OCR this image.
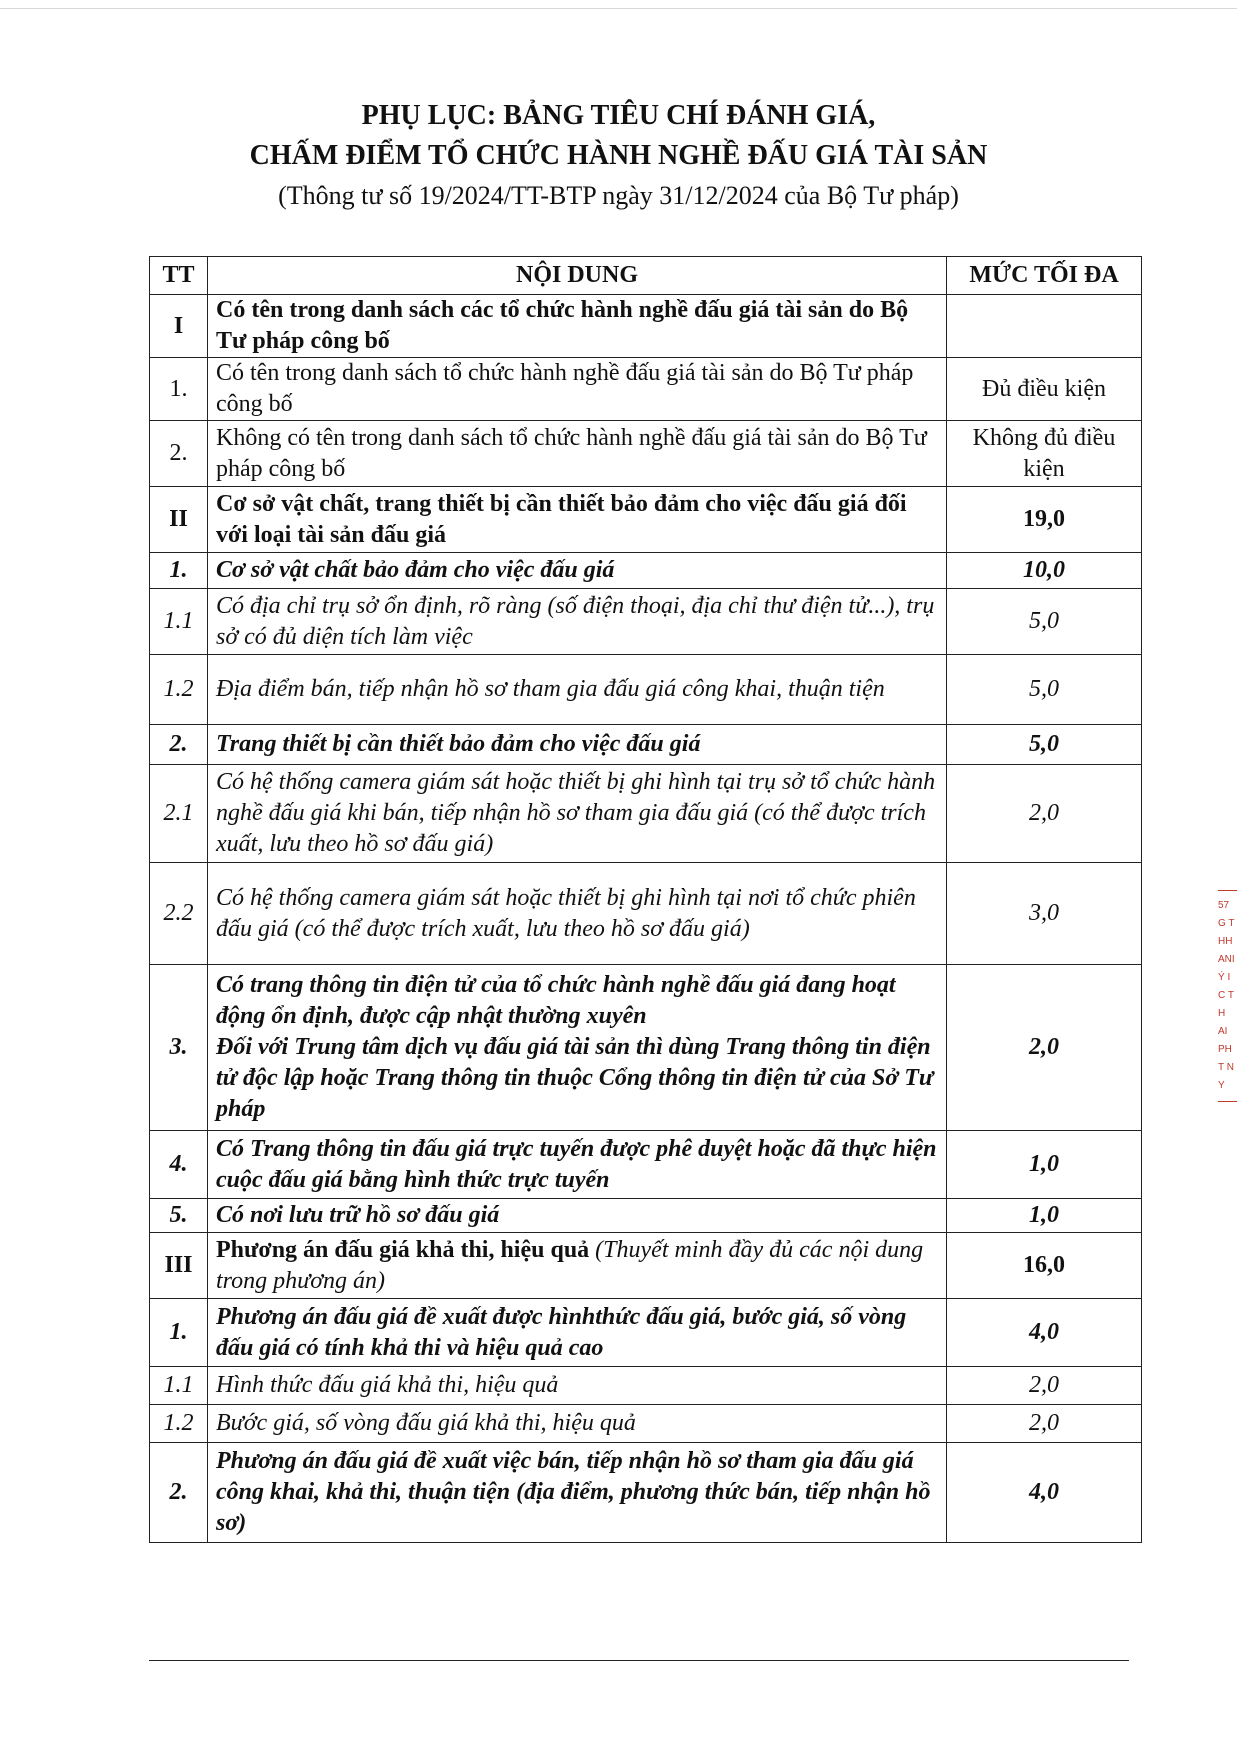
PHỤ LỤC: BẢNG TIÊU CHÍ ĐÁNH GIÁ,
CHẤM ĐIỂM TỔ CHỨC HÀNH NGHỀ ĐẤU GIÁ TÀI SẢN
(Thông tư số 19/2024/TT-BTP ngày 31/12/2024 của Bộ Tư pháp)
TT	NỘI DUNG	MỨC TỐI ĐA
I	Có tên trong danh sách các tổ chức hành nghề đấu giá tài sản do Bộ Tư pháp công bố	
1.	Có tên trong danh sách tổ chức hành nghề đấu giá tài sản do Bộ Tư pháp công bố	Đủ điều kiện
2.	Không có tên trong danh sách tổ chức hành nghề đấu giá tài sản do Bộ Tư pháp công bố	Không đủ điều kiện
II	Cơ sở vật chất, trang thiết bị cần thiết bảo đảm cho việc đấu giá đối với loại tài sản đấu giá	19,0
1.	Cơ sở vật chất bảo đảm cho việc đấu giá	10,0
1.1	Có địa chỉ trụ sở ổn định, rõ ràng (số điện thoại, địa chỉ thư điện tử...), trụ sở có đủ diện tích làm việc	5,0
1.2	Địa điểm bán, tiếp nhận hồ sơ tham gia đấu giá công khai, thuận tiện	5,0
2.	Trang thiết bị cần thiết bảo đảm cho việc đấu giá	5,0
2.1	Có hệ thống camera giám sát hoặc thiết bị ghi hình tại trụ sở tổ chức hành nghề đấu giá khi bán, tiếp nhận hồ sơ tham gia đấu giá (có thể được trích xuất, lưu theo hồ sơ đấu giá)	2,0
2.2	Có hệ thống camera giám sát hoặc thiết bị ghi hình tại nơi tổ chức phiên đấu giá (có thể được trích xuất, lưu theo hồ sơ đấu giá)	3,0
3.	Có trang thông tin điện tử của tổ chức hành nghề đấu giá đang hoạt động ổn định, được cập nhật thường xuyên
Đối với Trung tâm dịch vụ đấu giá tài sản thì dùng Trang thông tin điện tử độc lập hoặc Trang thông tin thuộc Cổng thông tin điện tử của Sở Tư pháp	2,0
4.	Có Trang thông tin đấu giá trực tuyến được phê duyệt hoặc đã thực hiện cuộc đấu giá bằng hình thức trực tuyến	1,0
5.	Có nơi lưu trữ hồ sơ đấu giá	1,0
III	Phương án đấu giá khả thi, hiệu quả (Thuyết minh đầy đủ các nội dung trong phương án)	16,0
1.	Phương án đấu giá đề xuất được hìnhthức đấu giá, bước giá, số vòng đấu giá có tính khả thi và hiệu quả cao	4,0
1.1	Hình thức đấu giá khả thi, hiệu quả	2,0
1.2	Bước giá, số vòng đấu giá khả thi, hiệu quả	2,0
2.	Phương án đấu giá đề xuất việc bán, tiếp nhận hồ sơ tham gia đấu giá công khai, khả thi, thuận tiện (địa điểm, phương thức bán, tiếp nhận hồ sơ)	4,0
57
G T
HH
ANI
Ý I
C T
H
AI
PH
T N
Y
